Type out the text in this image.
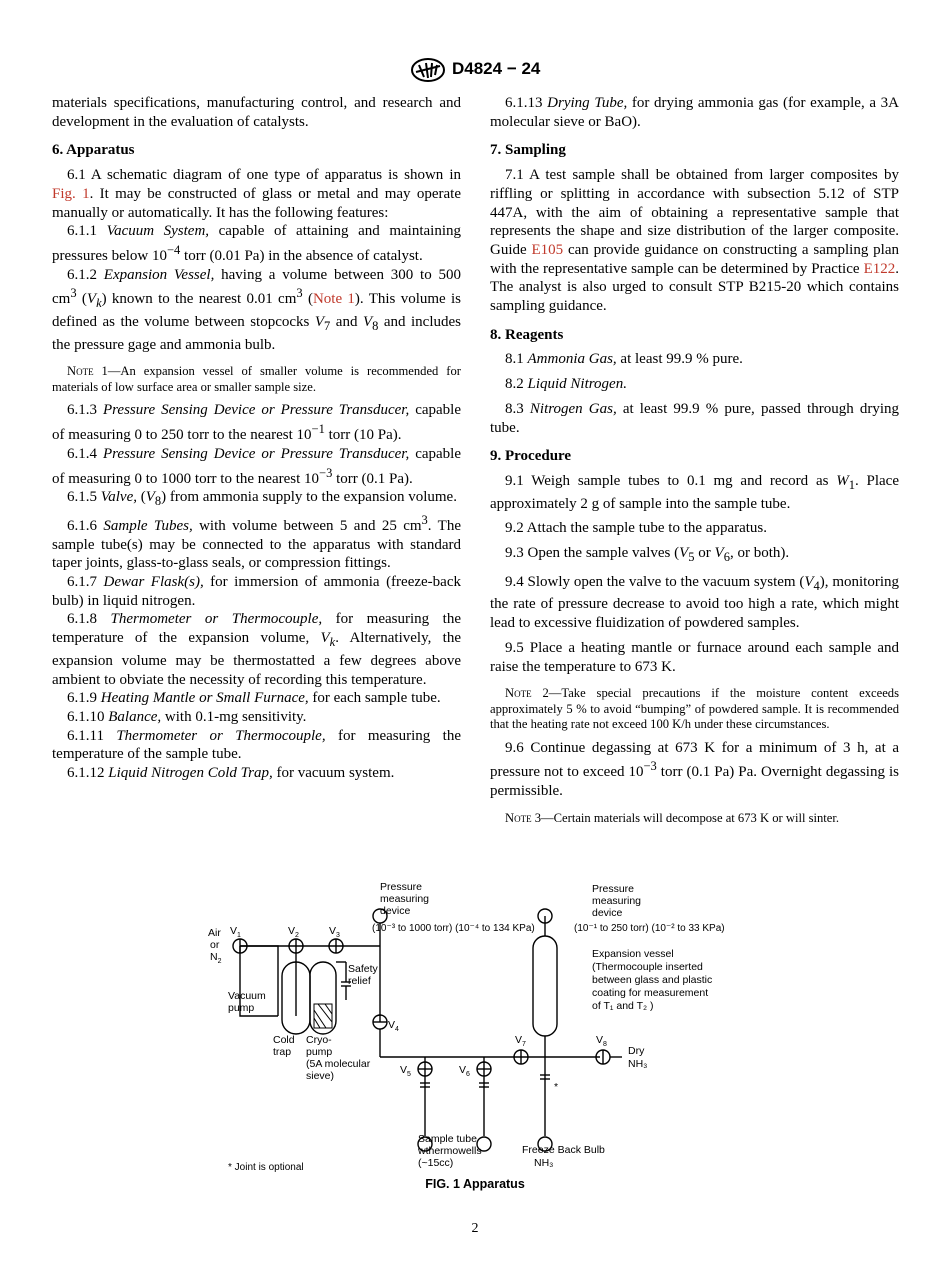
D4824 − 24

materials specifications, manufacturing control, and research and development in the evaluation of catalysts.

6. Apparatus

6.1 A schematic diagram of one type of apparatus is shown in Fig. 1. It may be constructed of glass or metal and may operate manually or automatically. It has the following features:

6.1.1 Vacuum System, capable of attaining and maintaining pressures below $10^{-4}$ torr (0.01 Pa) in the absence of catalyst.

6.1.2 Expansion Vessel, having a volume between 300 to 500 $cm^3$ $(V_k)$ known to the nearest 0.01 $cm^3$ (Note 1). This volume is defined as the volume between stopcocks $V_7$ and $V_8$ and includes the pressure gage and ammonia bulb.

Note 1—An expansion vessel of smaller volume is recommended for materials of low surface area or smaller sample size.

6.1.3 Pressure Sensing Device or Pressure Transducer, capable of measuring 0 to 250 torr to the nearest $10^{-1}$ torr (10 Pa).

6.1.4 Pressure Sensing Device or Pressure Transducer, capable of measuring 0 to 1000 torr to the nearest $10^{-3}$ torr (0.1 Pa).

6.1.5 Valve, $(V_8)$ from ammonia supply to the expansion volume.

6.1.6 Sample Tubes, with volume between 5 and 25 $cm^3$. The sample tube(s) may be connected to the apparatus with standard taper joints, glass-to-glass seals, or compression fittings.

6.1.7 Dewar Flask(s), for immersion of ammonia (freeze-back bulb) in liquid nitrogen.

6.1.8 Thermometer or Thermocouple, for measuring the temperature of the expansion volume, $V_k$. Alternatively, the expansion volume may be thermostatted a few degrees above ambient to obviate the necessity of recording this temperature.

6.1.9 Heating Mantle or Small Furnace, for each sample tube.

6.1.10 Balance, with 0.1-mg sensitivity.

6.1.11 Thermometer or Thermocouple, for measuring the temperature of the sample tube.

6.1.12 Liquid Nitrogen Cold Trap, for vacuum system.

6.1.13 Drying Tube, for drying ammonia gas (for example, a 3A molecular sieve or BaO).

7. Sampling

7.1 A test sample shall be obtained from larger composites by riffling or splitting in accordance with subsection 5.12 of STP 447A, with the aim of obtaining a representative sample that represents the shape and size distribution of the larger composite. Guide E105 can provide guidance on constructing a sampling plan with the representative sample can be determined by Practice E122. The analyst is also urged to consult STP B215-20 which contains sampling guidance.

8. Reagents

8.1 Ammonia Gas, at least 99.9 % pure.

8.2 Liquid Nitrogen.

8.3 Nitrogen Gas, at least 99.9 % pure, passed through drying tube.

9. Procedure

9.1 Weigh sample tubes to 0.1 mg and record as $W_1$. Place approximately 2 g of sample into the sample tube.

9.2 Attach the sample tube to the apparatus.

9.3 Open the sample valves ($V_5$ or $V_6$, or both).

9.4 Slowly open the valve to the vacuum system $(V_4)$, monitoring the rate of pressure decrease to avoid too high a rate, which might lead to excessive fluidization of powdered samples.

9.5 Place a heating mantle or furnace around each sample and raise the temperature to 673 K.

Note 2—Take special precautions if the moisture content exceeds approximately 5 % to avoid “bumping” of powdered sample. It is recommended that the heating rate not exceed 100 K/h under these circumstances.

9.6 Continue degassing at 673 K for a minimum of 3 h, at a pressure not to exceed $10^{-3}$ torr (0.1 Pa) Pa. Overnight degassing is permissible.

Note 3—Certain materials will decompose at 673 K or will sinter.

Air
or
$N_2$
$V_1$	$V_2$	$V_3$
$V_4$
$V_5$	$V_6$
$V_7$	$V_8$
Vacuum
pump
Cold
trap
Cryo-
pump
(5A molecular
sieve)
Safety
relief
Pressure
measuring
device
(10⁻³ to 1000 torr) (10⁻⁴ to 134 KPa)
Pressure
measuring
device
(10⁻¹ to 250 torr) (10⁻² to 33 KPa)
Expansion vessel
(Thermocouple inserted
between glass and plastic
coating for measurement
of T₁ and T₂ )
Dry
NH₃
*
Sample tube
wthermowells
(~15cc)
Freeze Back Bulb
NH₃
* Joint is optional
FIG. 1 Apparatus
2
